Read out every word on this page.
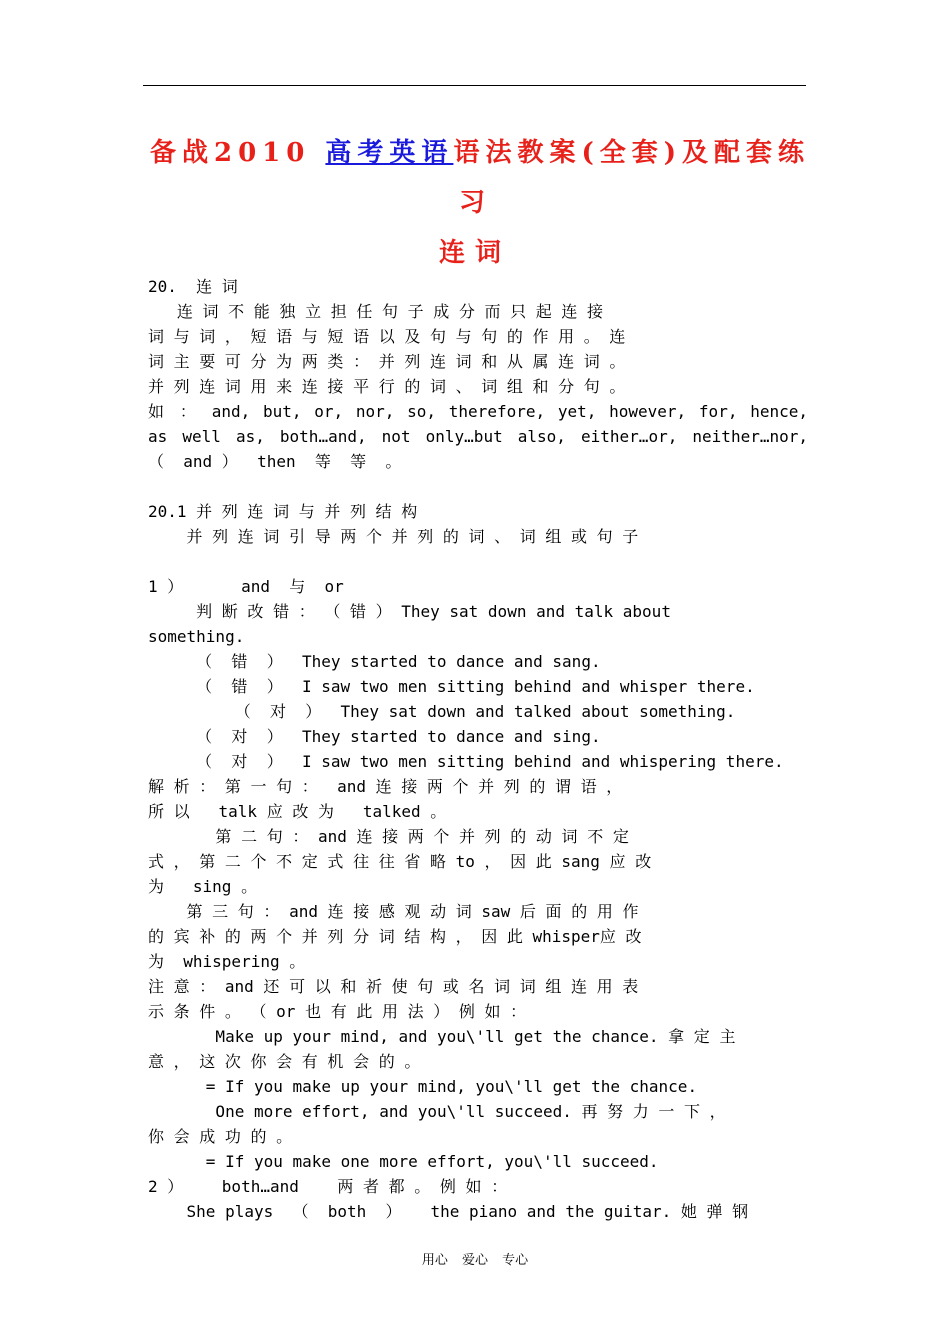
备战2010 高考英语语法教案(全套)及配套练
习
连词
20.  连 词
连 词 不 能 独 立 担 任 句 子 成 分 而 只 起 连 接
词 与 词 ， 短 语 与 短 语 以 及 句 与 句 的 作 用 。 连
词 主 要 可 分 为 两 类 ： 并 列 连 词 和 从 属 连 词 。
并 列 连 词 用 来 连 接 平 行 的 词 、 词 组 和 分 句 。
如 ： and, but, or, nor, so, therefore, yet, however, for, hence,
as well as, both…and, not only…but also, either…or, neither…nor,
（  and ）  then  等  等  。
20.1 并 列 连 词 与 并 列 结 构
并 列 连 词 引 导 两 个 并 列 的 词 、 词 组 或 句 子
1 ）      and  与  or
判 断 改 错 ： （ 错 ） They sat down and talk about
something.
（  错  ）  They started to dance and sang.
（  错  ）  I saw two men sitting behind and whisper there.
（  对  ）  They sat down and talked about something.
（  对  ）  They started to dance and sing.
（  对  ）  I saw two men sitting behind and whispering there.
解 析 ： 第 一 句 ：  and 连 接 两 个 并 列 的 谓 语 ，
所 以   talk 应 改 为   talked 。
第 二 句 ： and 连 接 两 个 并 列 的 动 词 不 定
式 ， 第 二 个 不 定 式 往 往 省 略 to ， 因 此 sang 应 改
为   sing 。
第 三 句 ： and 连 接 感 观 动 词 saw 后 面 的 用 作
的 宾 补 的 两 个 并 列 分 词 结 构 ， 因 此 whisper应 改
为  whispering 。
注 意 ： and 还 可 以 和 祈 使 句 或 名 词 词 组 连 用 表
示 条 件 。 （ or 也 有 此 用 法 ） 例 如 ：
Make up your mind, and you\'ll get the chance. 拿 定 主
意 ， 这 次 你 会 有 机 会 的 。
= If you make up your mind, you\'ll get the chance.
One more effort, and you\'ll succeed. 再 努 力 一 下 ，
你 会 成 功 的 。
= If you make one more effort, you\'ll succeed.
2 ）    both…and    两 者 都 。 例 如 ：
She plays  （  both  ）   the piano and the guitar. 她 弹 钢
用心 爱心 专心
